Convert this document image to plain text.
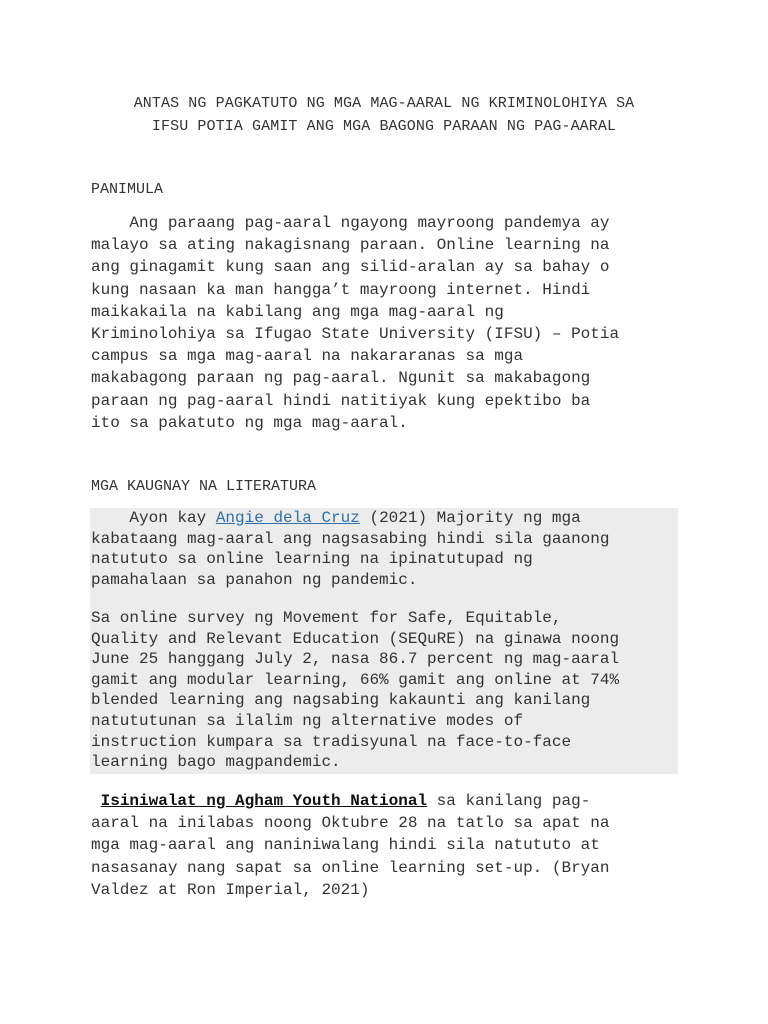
ANTAS NG PAGKATUTO NG MGA MAG-AARAL NG KRIMINOLOHIYA SA
IFSU POTIA GAMIT ANG MGA BAGONG PARAAN NG PAG-AARAL
PANIMULA
Ang paraang pag-aaral ngayong mayroong pandemya ay
malayo sa ating nakagisnang paraan. Online learning na
ang ginagamit kung saan ang silid-aralan ay sa bahay o
kung nasaan ka man hangga’t mayroong internet. Hindi
maikakaila na kabilang ang mga mag-aaral ng
Kriminolohiya sa Ifugao State University (IFSU) – Potia
campus sa mga mag-aaral na nakararanas sa mga
makabagong paraan ng pag-aaral. Ngunit sa makabagong
paraan ng pag-aaral hindi natitiyak kung epektibo ba
ito sa pakatuto ng mga mag-aaral.
MGA KAUGNAY NA LITERATURA
Ayon kay Angie dela Cruz (2021) Majority ng mga
kabataang mag-aaral ang nagsasabing hindi sila gaanong
natututo sa online learning na ipinatutupad ng
pamahalaan sa panahon ng pandemic.
Sa online survey ng Movement for Safe, Equitable,
Quality and Relevant Education (SEQuRE) na ginawa noong
June 25 hanggang July 2, nasa 86.7 percent ng mag-aaral
gamit ang modular learning, 66% gamit ang online at 74%
blended learning ang nagsabing kakaunti ang kanilang
natututunan sa ilalim ng alternative modes of
instruction kumpara sa tradisyunal na face-to-face
learning bago magpandemic.
Isiniwalat ng Agham Youth National sa kanilang pag-
aaral na inilabas noong Oktubre 28 na tatlo sa apat na
mga mag-aaral ang naniniwalang hindi sila natututo at
nasasanay nang sapat sa online learning set-up. (Bryan
Valdez at Ron Imperial, 2021)
